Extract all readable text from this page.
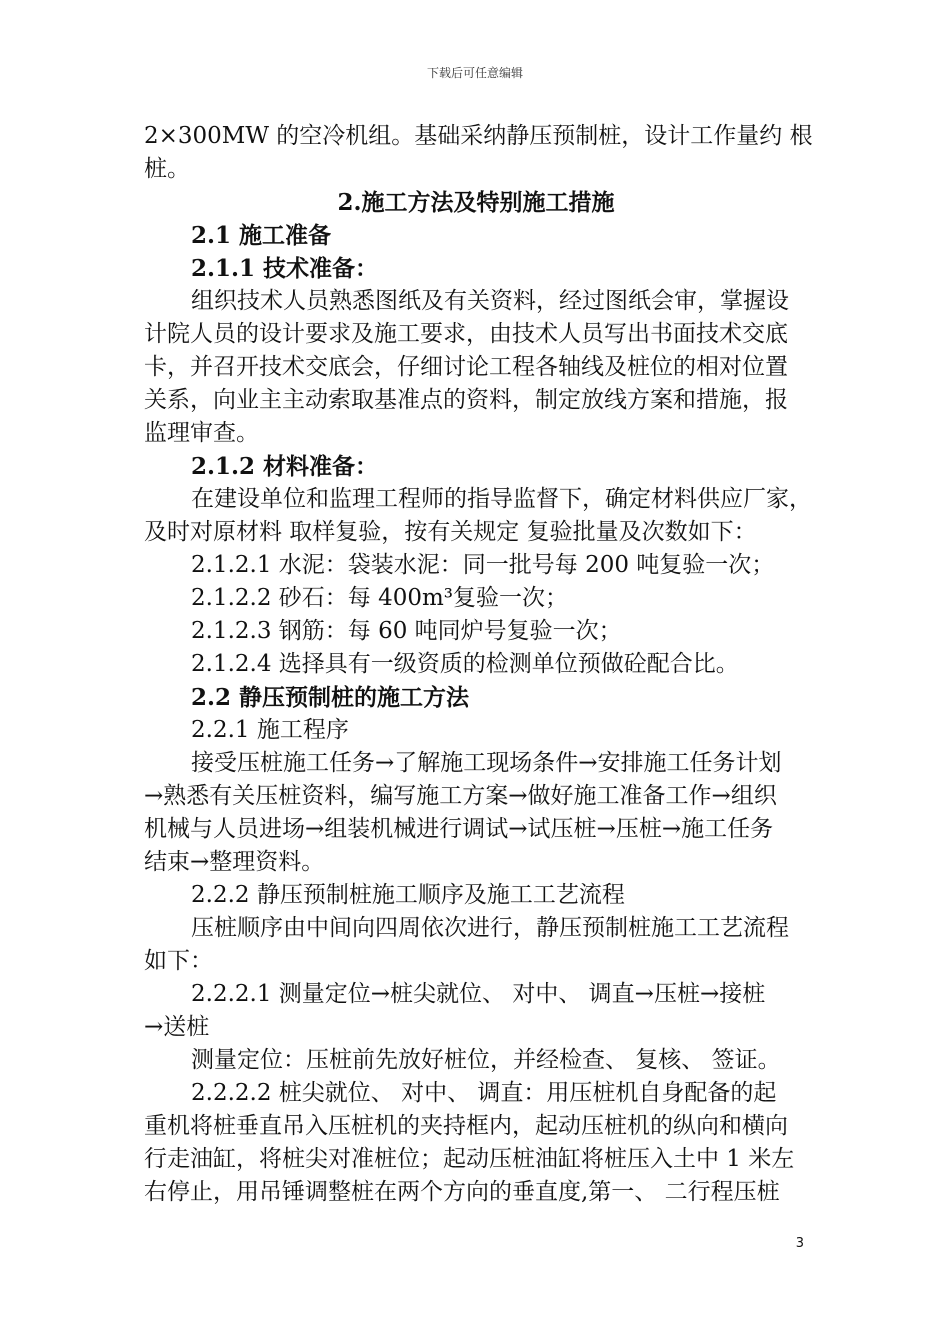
下载后可任意编辑
2×300MW 的空冷机组。基础采纳静压预制桩，设计工作量约 根
桩。
2.施工方法及特别施工措施
2.1 施工准备
2.1.1 技术准备：
组织技术人员熟悉图纸及有关资料，经过图纸会审，掌握设
计院人员的设计要求及施工要求，由技术人员写出书面技术交底
卡，并召开技术交底会，仔细讨论工程各轴线及桩位的相对位置
关系，向业主主动索取基准点的资料，制定放线方案和措施，报
监理审查。
2.1.2 材料准备：
在建设单位和监理工程师的指导监督下，确定材料供应厂家，
及时对原材料 取样复验，按有关规定 复验批量及次数如下：
2.1.2.1 水泥：袋装水泥：同一批号每 200 吨复验一次；
2.1.2.2 砂石：每 400m³复验一次；
2.1.2.3 钢筋：每 60 吨同炉号复验一次；
2.1.2.4 选择具有一级资质的检测单位预做砼配合比。
2.2 静压预制桩的施工方法
2.2.1 施工程序
接受压桩施工任务→了解施工现场条件→安排施工任务计划
→熟悉有关压桩资料，编写施工方案→做好施工准备工作→组织
机械与人员进场→组装机械进行调试→试压桩→压桩→施工任务
结束→整理资料。
2.2.2 静压预制桩施工顺序及施工工艺流程
压桩顺序由中间向四周依次进行，静压预制桩施工工艺流程
如下：
2.2.2.1 测量定位→桩尖就位、 对中、 调直→压桩→接桩
→送桩
测量定位：压桩前先放好桩位，并经检查、 复核、 签证。
2.2.2.2 桩尖就位、 对中、 调直：用压桩机自身配备的起
重机将桩垂直吊入压桩机的夹持框内，起动压桩机的纵向和横向
行走油缸，将桩尖对准桩位；起动压桩油缸将桩压入土中 1 米左
右停止，用吊锤调整桩在两个方向的垂直度,第一、 二行程压桩
3
